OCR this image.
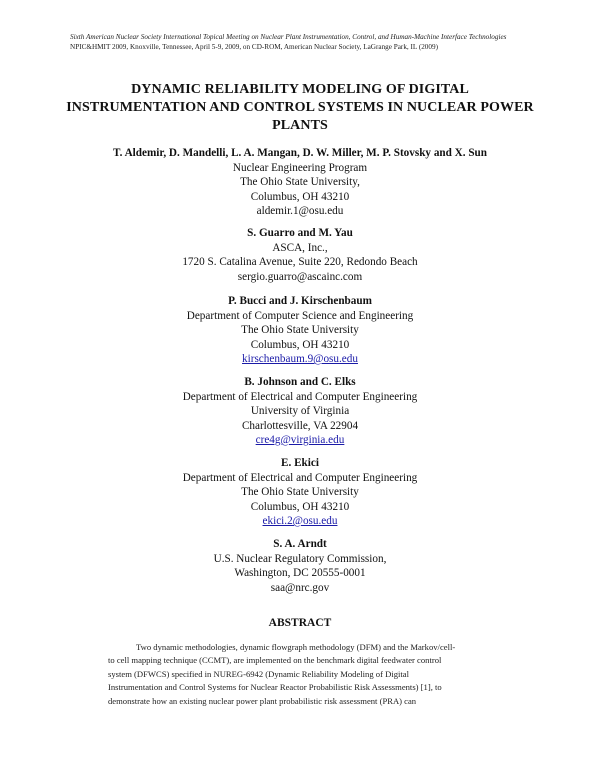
Sixth American Nuclear Society International Topical Meeting on Nuclear Plant Instrumentation, Control, and Human-Machine Interface Technologies
NPIC&HMIT 2009, Knoxville, Tennessee, April 5-9, 2009, on CD-ROM, American Nuclear Society, LaGrange Park, IL (2009)
DYNAMIC RELIABILITY MODELING OF DIGITAL
INSTRUMENTATION AND CONTROL SYSTEMS IN NUCLEAR POWER
PLANTS
T. Aldemir, D. Mandelli, L. A. Mangan, D. W. Miller, M. P. Stovsky and X. Sun
Nuclear Engineering Program
The Ohio State University,
Columbus, OH 43210
aldemir.1@osu.edu
S. Guarro and M. Yau
ASCA, Inc.,
1720 S. Catalina Avenue, Suite 220, Redondo Beach
sergio.guarro@ascainc.com
P. Bucci and J. Kirschenbaum
Department of Computer Science and Engineering
The Ohio State University
Columbus, OH 43210
kirschenbaum.9@osu.edu
B. Johnson and C. Elks
Department of Electrical and Computer Engineering
University of Virginia
Charlottesville, VA 22904
cre4g@virginia.edu
E. Ekici
Department of Electrical and Computer Engineering
The Ohio State University
Columbus, OH 43210
ekici.2@osu.edu
S. A. Arndt
U.S. Nuclear Regulatory Commission,
Washington, DC 20555-0001
saa@nrc.gov
ABSTRACT
Two dynamic methodologies, dynamic flowgraph methodology (DFM) and the Markov/cell-
to cell mapping technique (CCMT), are implemented on the benchmark digital feedwater control
system (DFWCS) specified in NUREG-6942 (Dynamic Reliability Modeling of Digital
Instrumentation and Control Systems for Nuclear Reactor Probabilistic Risk Assessments) [1], to
demonstrate how an existing nuclear power plant probabilistic risk assessment (PRA) can
